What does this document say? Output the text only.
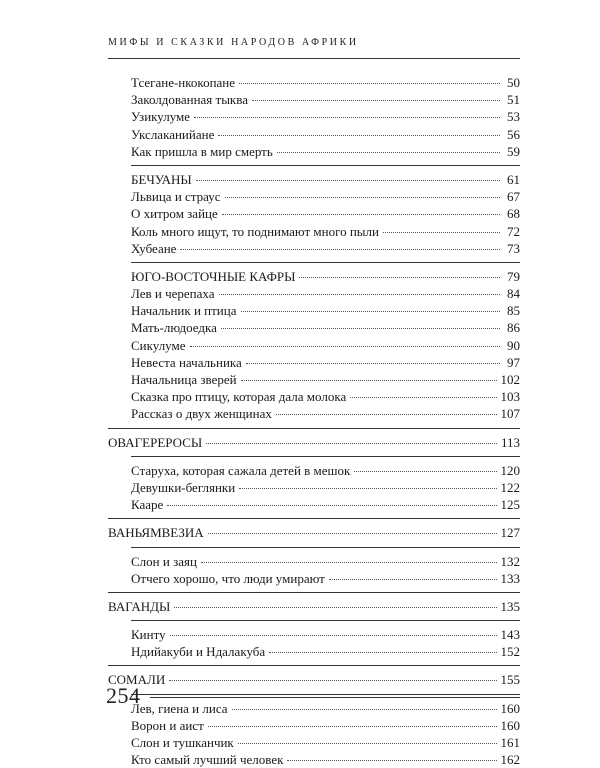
МИФЫ И СКАЗКИ НАРОДОВ АФРИКИ
Тсегане-нкокопане	50
Заколдованная тыква	51
Узикулуме	53
Укслаканийане	56
Как пришла в мир смерть	59
БЕЧУАНЫ	61
Львица и страус	67
О хитром зайце	68
Коль много ищут, то поднимают много пыли	72
Хубеане	73
ЮГО-ВОСТОЧНЫЕ КАФРЫ	79
Лев и черепаха	84
Начальник и птица	85
Мать-людоедка	86
Сикулуме	90
Невеста начальника	97
Начальница зверей	102
Сказка про птицу, которая дала молока	103
Рассказ о двух женщинах	107
ОВАГЕРЕРОСЫ	113
Старуха, которая сажала детей в мешок	120
Девушки-беглянки	122
Кааре	125
ВАНЬЯМВЕЗИА	127
Слон и заяц	132
Отчего хорошо, что люди умирают	133
ВАГАНДЫ	135
Кинту	143
Ндийакуби и Ндалакуба	152
СОМАЛИ	155
Лев, гиена и лиса	160
Ворон и аист	160
Слон и тушканчик	161
Кто самый лучший человек	162
254
